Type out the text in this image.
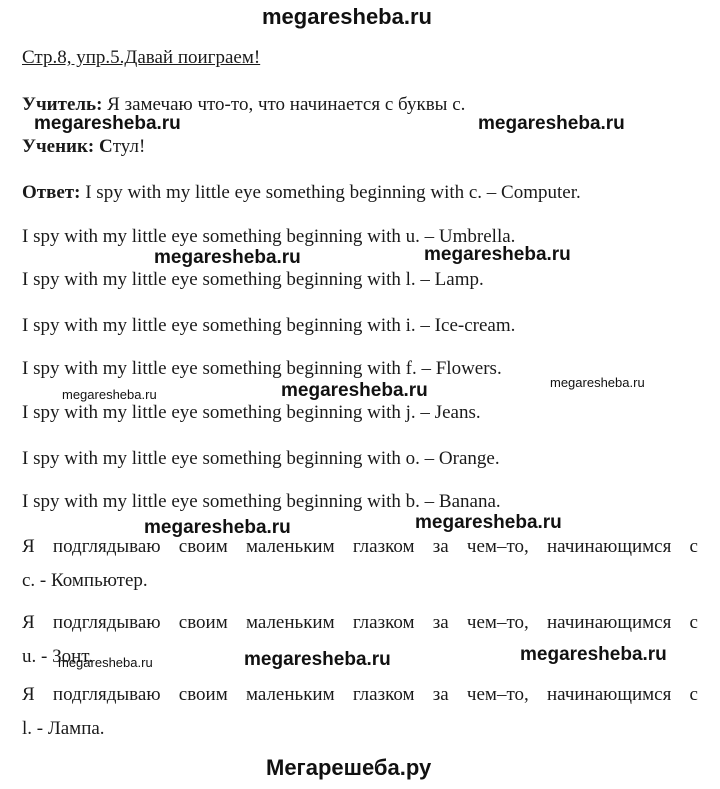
megaresheba.ru
Стр.8, упр.5.Давай поиграем!
Учитель: Я замечаю что-то, что начинается с буквы с.
megaresheba.ru	megaresheba.ru
Ученик: Стул!
Ответ: I spy with my little eye something beginning with c. – Computer.
I spy with my little eye something beginning with u. – Umbrella.
megaresheba.ru	megaresheba.ru
I spy with my little eye something beginning with l. – Lamp.
I spy with my little eye something beginning with i. – Ice-cream.
I spy with my little eye something beginning with f. – Flowers.
megaresheba.ru	megaresheba.ru	megaresheba.ru
I spy with my little eye something beginning with j. – Jeans.
I spy with my little eye something beginning with o. – Orange.
I spy with my little eye something beginning with b. – Banana.
megaresheba.ru	megaresheba.ru
Я подглядываю своим маленьким глазком за чем–то, начинающимся с
с. - Компьютер.
Я подглядываю своим маленьким глазком за чем–то, начинающимся с
u. - Зонт.
megaresheba.ru	megaresheba.ru	megaresheba.ru
Я подглядываю своим маленьким глазком за чем–то, начинающимся с
l. - Лампа.
Мегарешеба.ру
